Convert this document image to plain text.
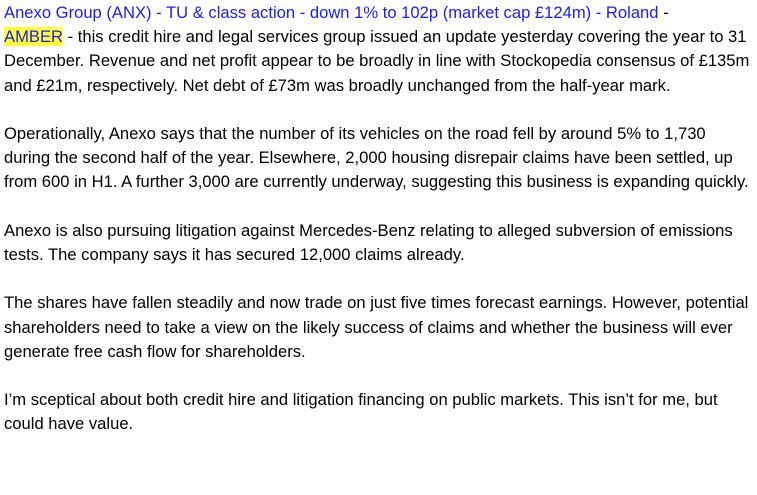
Anexo Group (ANX) - TU & class action - down 1% to 102p (market cap £124m) - Roland -
AMBER - this credit hire and legal services group issued an update yesterday covering the year to 31 December. Revenue and net profit appear to be broadly in line with Stockopedia consensus of £135m and £21m, respectively. Net debt of £73m was broadly unchanged from the half-year mark.

Operationally, Anexo says that the number of its vehicles on the road fell by around 5% to 1,730 during the second half of the year. Elsewhere, 2,000 housing disrepair claims have been settled, up from 600 in H1. A further 3,000 are currently underway, suggesting this business is expanding quickly.

Anexo is also pursuing litigation against Mercedes-Benz relating to alleged subversion of emissions tests. The company says it has secured 12,000 claims already.

The shares have fallen steadily and now trade on just five times forecast earnings. However, potential shareholders need to take a view on the likely success of claims and whether the business will ever generate free cash flow for shareholders.

I’m sceptical about both credit hire and litigation financing on public markets. This isn’t for me, but could have value.
